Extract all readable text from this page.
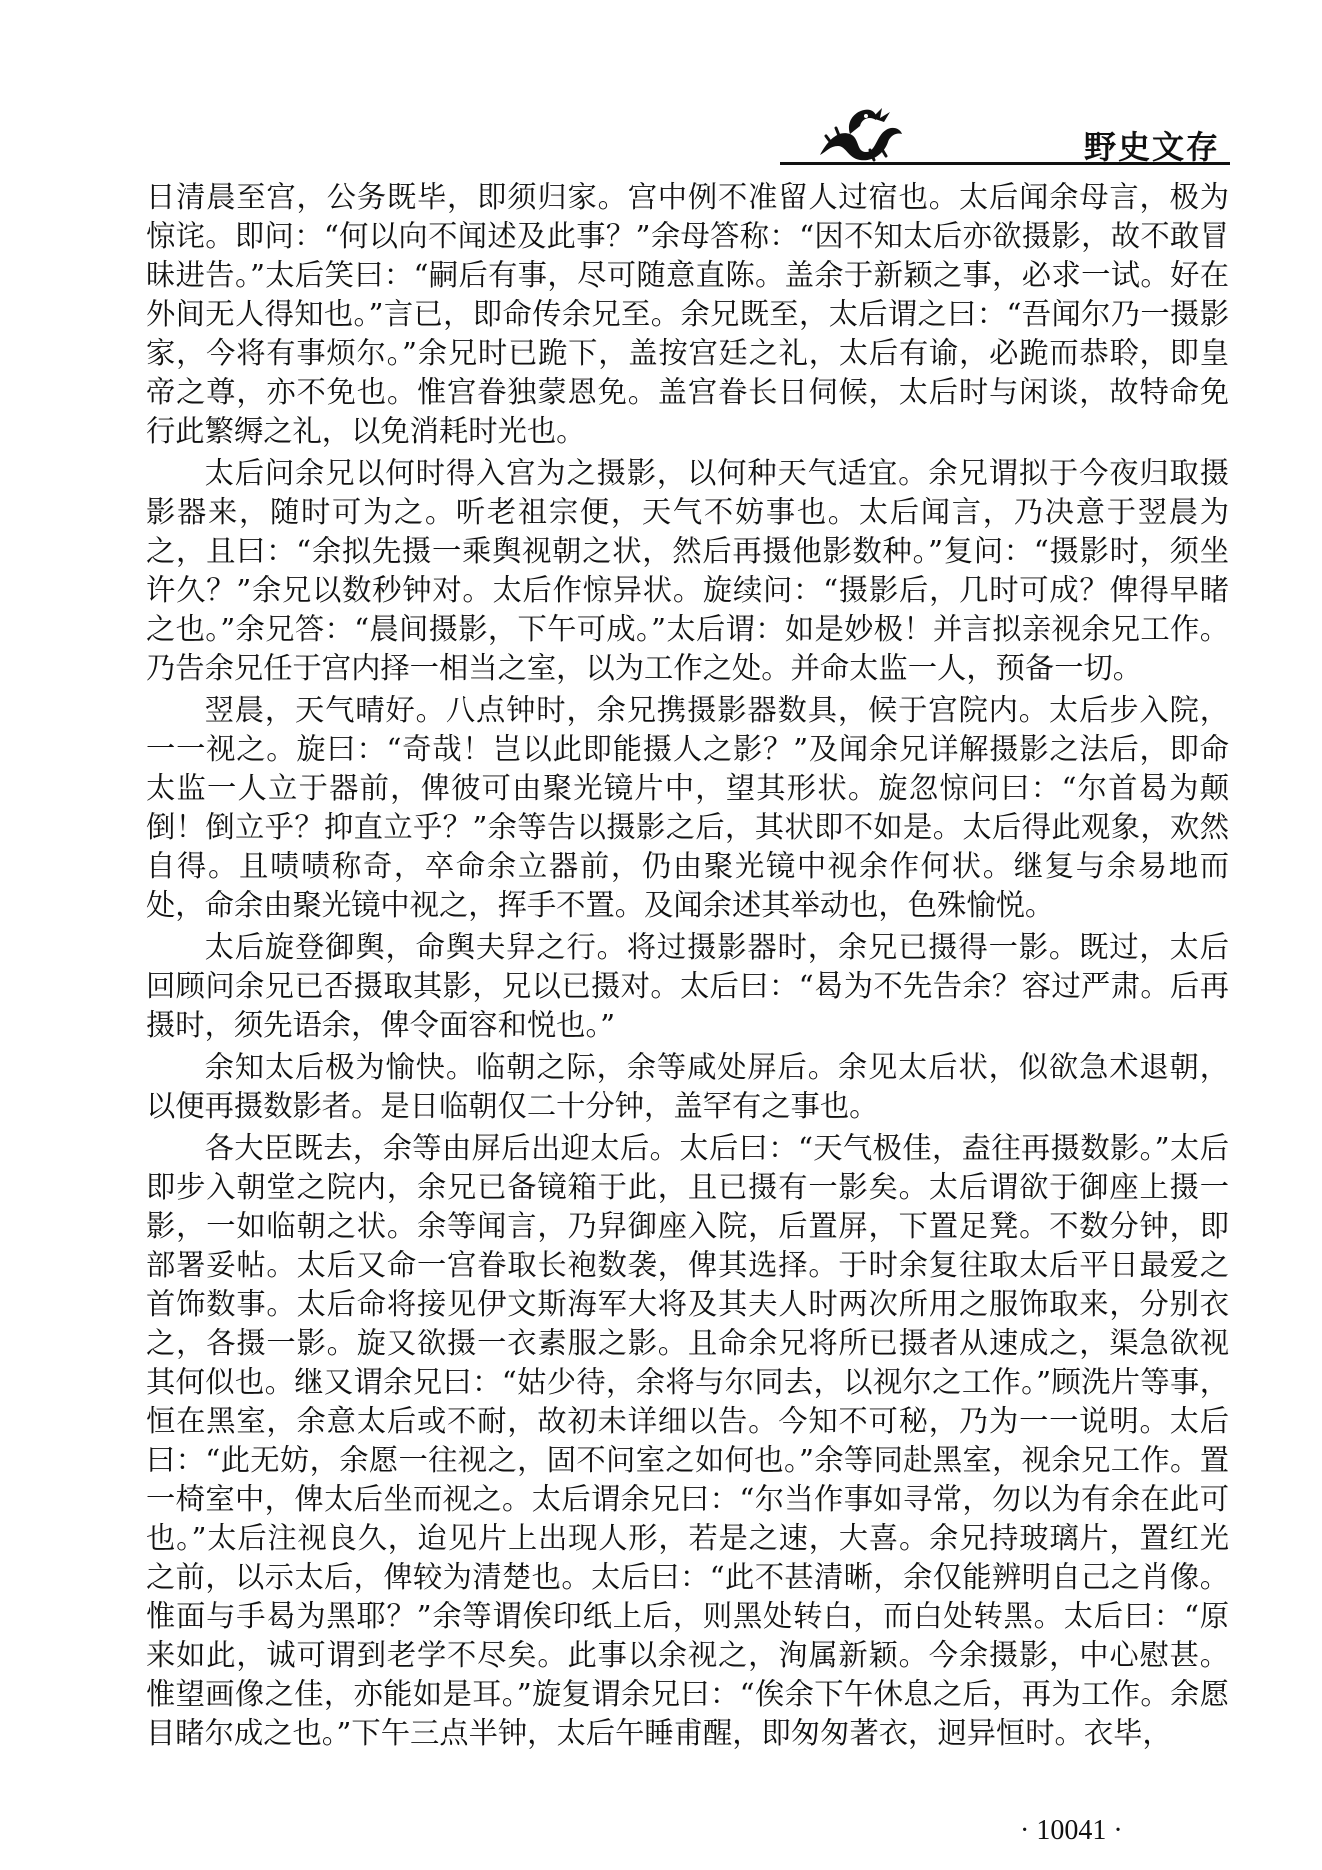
野史文存

日清晨至宫，公务既毕，即须归家。宫中例不准留人过宿也。太后闻余母言，极为惊诧。即问：“何以向不闻述及此事？”余母答称：“因不知太后亦欲摄影，故不敢冒昧进告。”太后笑曰：“嗣后有事，尽可随意直陈。盖余于新颖之事，必求一试。好在外间无人得知也。”言已，即命传余兄至。余兄既至，太后谓之曰：“吾闻尔乃一摄影家，今将有事烦尔。”余兄时已跪下，盖按宫廷之礼，太后有谕，必跪而恭聆，即皇帝之尊，亦不免也。惟宫眷独蒙恩免。盖宫眷长日伺候，太后时与闲谈，故特命免行此繁缛之礼，以免消耗时光也。

太后问余兄以何时得入宫为之摄影，以何种天气适宜。余兄谓拟于今夜归取摄影器来，随时可为之。听老祖宗便，天气不妨事也。太后闻言，乃决意于翌晨为之，且曰：“余拟先摄一乘舆视朝之状，然后再摄他影数种。”复问：“摄影时，须坐许久？”余兄以数秒钟对。太后作惊异状。旋续问：“摄影后，几时可成？俾得早睹之也。”余兄答：“晨间摄影，下午可成。”太后谓：如是妙极！并言拟亲视余兄工作。乃告余兄任于宫内择一相当之室，以为工作之处。并命太监一人，预备一切。

翌晨，天气晴好。八点钟时，余兄携摄影器数具，候于宫院内。太后步入院，一一视之。旋曰：“奇哉！岂以此即能摄人之影？”及闻余兄详解摄影之法后，即命太监一人立于器前，俾彼可由聚光镜片中，望其形状。旋忽惊问曰：“尔首曷为颠倒！倒立乎？抑直立乎？”余等告以摄影之后，其状即不如是。太后得此观象，欢然自得。且啧啧称奇，卒命余立器前，仍由聚光镜中视余作何状。继复与余易地而处，命余由聚光镜中视之，挥手不置。及闻余述其举动也，色殊愉悦。

太后旋登御舆，命舆夫舁之行。将过摄影器时，余兄已摄得一影。既过，太后回顾问余兄已否摄取其影，兄以已摄对。太后曰：“曷为不先告余？容过严肃。后再摄时，须先语余，俾令面容和悦也。”

余知太后极为愉快。临朝之际，余等咸处屏后。余见太后状，似欲急术退朝，以便再摄数影者。是日临朝仅二十分钟，盖罕有之事也。

各大臣既去，余等由屏后出迎太后。太后曰：“天气极佳，盍往再摄数影。”太后即步入朝堂之院内，余兄已备镜箱于此，且已摄有一影矣。太后谓欲于御座上摄一影，一如临朝之状。余等闻言，乃舁御座入院，后置屏，下置足凳。不数分钟，即部署妥帖。太后又命一宫眷取长袍数袭，俾其选择。于时余复往取太后平日最爱之首饰数事。太后命将接见伊文斯海军大将及其夫人时两次所用之服饰取来，分别衣之，各摄一影。旋又欲摄一衣素服之影。且命余兄将所已摄者从速成之，渠急欲视其何似也。继又谓余兄曰：“姑少待，余将与尔同去，以视尔之工作。”顾洗片等事，恒在黑室，余意太后或不耐，故初未详细以告。今知不可秘，乃为一一说明。太后曰：“此无妨，余愿一往视之，固不问室之如何也。”余等同赴黑室，视余兄工作。置一椅室中，俾太后坐而视之。太后谓余兄曰：“尔当作事如寻常，勿以为有余在此可也。”太后注视良久，迨见片上出现人形，若是之速，大喜。余兄持玻璃片，置红光之前，以示太后，俾较为清楚也。太后曰：“此不甚清晰，余仅能辨明自己之肖像。惟面与手曷为黑耶？”余等谓俟印纸上后，则黑处转白，而白处转黑。太后曰：“原来如此，诚可谓到老学不尽矣。此事以余视之，洵属新颖。今余摄影，中心慰甚。惟望画像之佳，亦能如是耳。”旋复谓余兄曰：“俟余下午休息之后，再为工作。余愿目睹尔成之也。”下午三点半钟，太后午睡甫醒，即匆匆著衣，迥异恒时。衣毕，

· 10041 ·
